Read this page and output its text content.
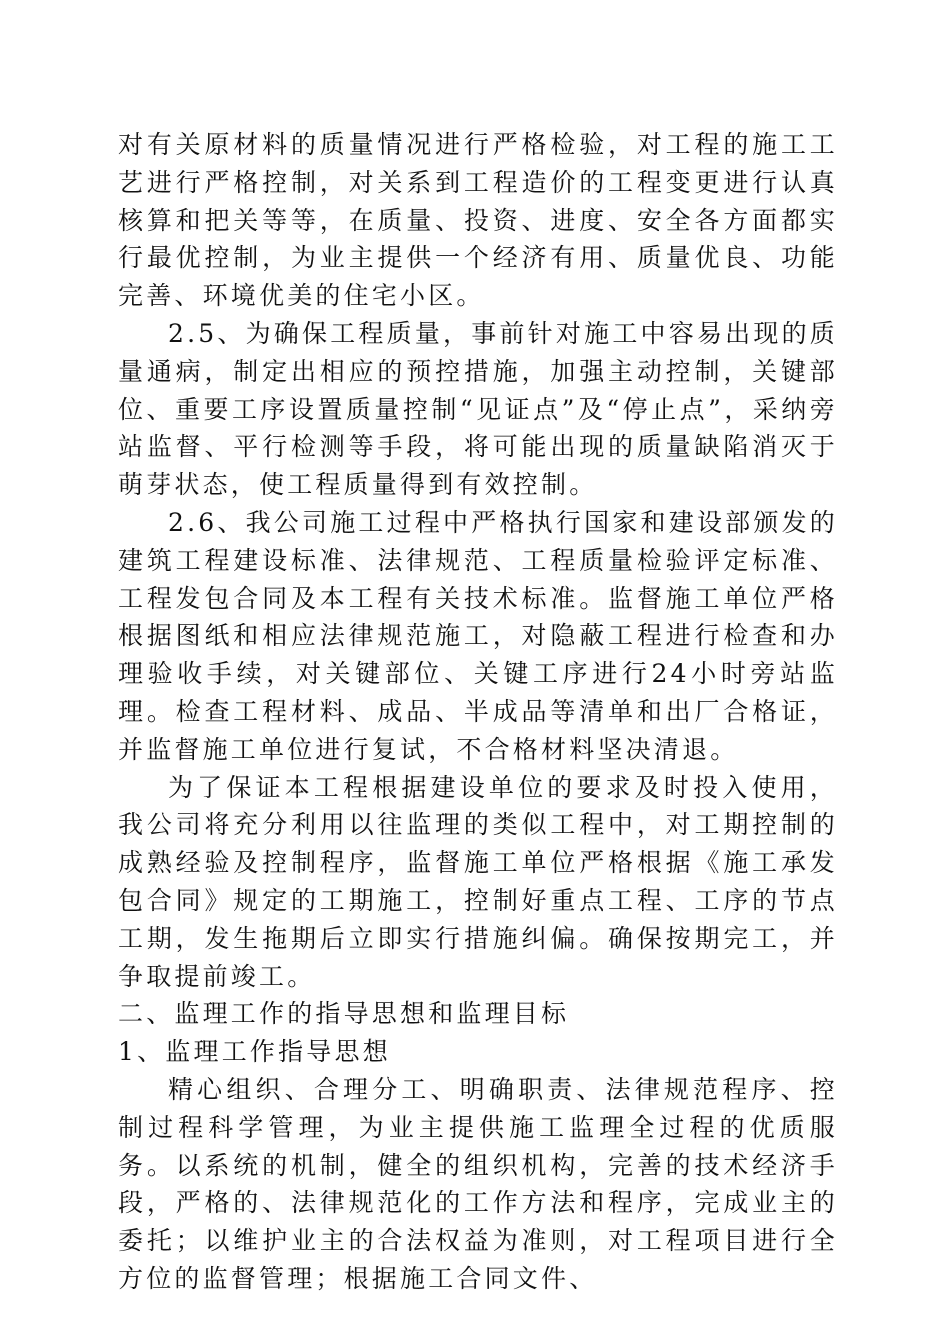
对有关原材料的质量情况进行严格检验，对工程的施工工艺进行严格控制，对关系到工程造价的工程变更进行认真核算和把关等等，在质量、投资、进度、安全各方面都实行最优控制，为业主提供一个经济有用、质量优良、功能完善、环境优美的住宅小区。

2.5、为确保工程质量，事前针对施工中容易出现的质量通病，制定出相应的预控措施，加强主动控制，关键部位、重要工序设置质量控制“见证点”及“停止点”，采纳旁站监督、平行检测等手段，将可能出现的质量缺陷消灭于萌芽状态，使工程质量得到有效控制。

2.6、我公司施工过程中严格执行国家和建设部颁发的建筑工程建设标准、法律规范、工程质量检验评定标准、工程发包合同及本工程有关技术标准。监督施工单位严格根据图纸和相应法律规范施工，对隐蔽工程进行检查和办理验收手续，对关键部位、关键工序进行24小时旁站监理。检查工程材料、成品、半成品等清单和出厂合格证，并监督施工单位进行复试，不合格材料坚决清退。

为了保证本工程根据建设单位的要求及时投入使用，我公司将充分利用以往监理的类似工程中，对工期控制的成熟经验及控制程序，监督施工单位严格根据《施工承发包合同》规定的工期施工，控制好重点工程、工序的节点工期，发生拖期后立即实行措施纠偏。确保按期完工，并争取提前竣工。

二、监理工作的指导思想和监理目标
1、监理工作指导思想

精心组织、合理分工、明确职责、法律规范程序、控制过程科学管理，为业主提供施工监理全过程的优质服务。以系统的机制，健全的组织机构，完善的技术经济手段，严格的、法律规范化的工作方法和程序，完成业主的委托；以维护业主的合法权益为准则，对工程项目进行全方位的监督管理；根据施工合同文件、
